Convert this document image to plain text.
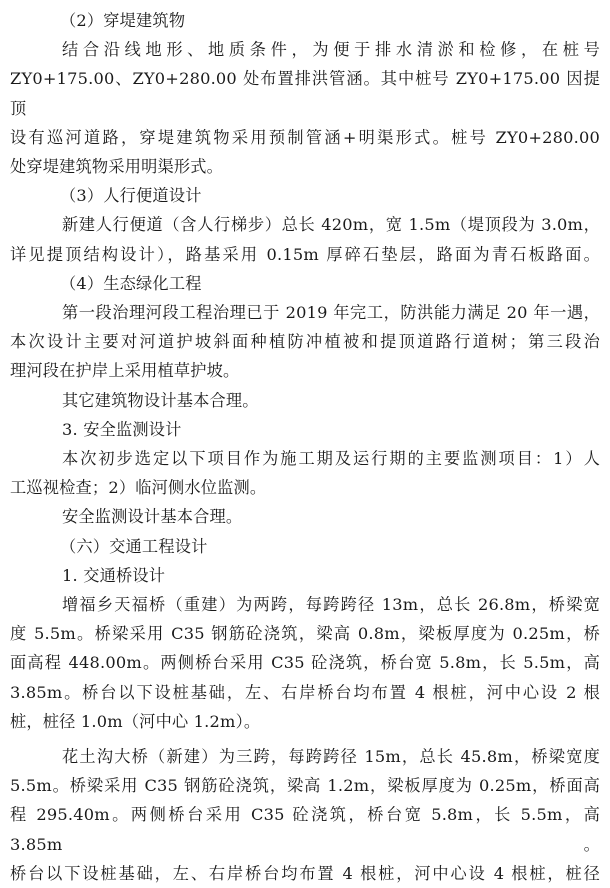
（2）穿堤建筑物
结合沿线地形、地质条件，为便于排水清淤和检修，在桩号
ZY0+175.00、ZY0+280.00 处布置排洪管涵。其中桩号 ZY0+175.00 因提顶
设有巡河道路，穿堤建筑物采用预制管涵+明渠形式。桩号 ZY0+280.00
处穿堤建筑物采用明渠形式。
（3）人行便道设计
新建人行便道（含人行梯步）总长 420m，宽 1.5m（堤顶段为 3.0m，
详见提顶结构设计），路基采用 0.15m 厚碎石垫层，路面为青石板路面。
（4）生态绿化工程
第一段治理河段工程治理已于 2019 年完工，防洪能力满足 20 年一遇，
本次设计主要对河道护坡斜面种植防冲植被和提顶道路行道树；第三段治
理河段在护岸上采用植草护坡。
其它建筑物设计基本合理。
3. 安全监测设计
本次初步选定以下项目作为施工期及运行期的主要监测项目：1）人
工巡视检查；2）临河侧水位监测。
安全监测设计基本合理。
（六）交通工程设计
1. 交通桥设计
增福乡天福桥（重建）为两跨，每跨跨径 13m，总长 26.8m，桥梁宽
度 5.5m。桥梁采用 C35 钢筋砼浇筑，梁高 0.8m，梁板厚度为 0.25m，桥
面高程 448.00m。两侧桥台采用 C35 砼浇筑，桥台宽 5.8m，长 5.5m，高
3.85m。桥台以下设桩基础，左、右岸桥台均布置 4 根桩，河中心设 2 根
桩，桩径 1.0m（河中心 1.2m）。
花土沟大桥（新建）为三跨，每跨跨径 15m，总长 45.8m，桥梁宽度
5.5m。桥梁采用 C35 钢筋砼浇筑，梁高 1.2m，梁板厚度为 0.25m，桥面高
程 295.40m。两侧桥台采用 C35 砼浇筑，桥台宽 5.8m，长 5.5m，高 3.85m。
桥台以下设桩基础，左、右岸桥台均布置 4 根桩，河中心设 4 根桩，桩径
